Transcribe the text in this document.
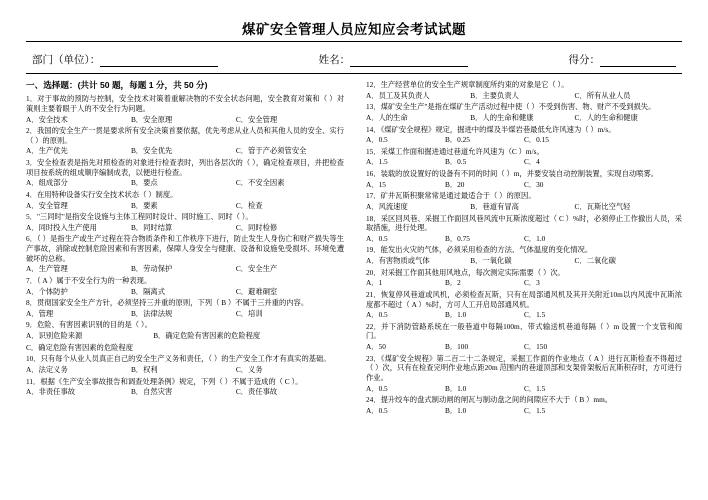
煤矿安全管理人员应知应会考试试题
部门（单位）：	姓名：	得分：
一、选择题：(共计 50 题，每题 1 分，共 50 分)
1．对于事故的预防与控制，安全技术对策着重解决物的不安全状态问题，安全教育对策和（ ）对策则主要着眼于人的不安全行为问题。
A．安全技术	B．安全原理	C．安全管理
2．我国的安全生产一贯是要求所有安全决策首要依据，优先考虑从业人员和其他人员的安全、实行（ ）的原则。
A．生产优先	B．安全优先	C．管于产必须管安全
3．安全检查表是指先对照检查的对象进行检查表时，列出各层次的（ ），确定检查项目，并把检查项目按系统的组成顺序编制成表，以便进行检查。
A．组成部分	B．要点	C．不安全因素
4．在用特种设备实行安全技术状态（ ）制度。
A．安全管理	B．要素	C．检查
5．"三同时"是指安全设施与主体工程同时设计、同时施工、同时（ ）。
A．同时投入生产使用	B．同时结算	C．同时检修
6．（ ）是指生产或生产过程在符合物质条件和工作秩序下进行，防止发生人身伤亡和财产损失等生产事故，消除或控制危险因素和有害因素，保障人身安全与健康、设备和设施免受损坏、环境免遭破坏的总称。
A．生产管理	B．劳动保护	C．安全生产
7．（ A ）属于不安全行为的一种表现。
A．个体防护	B．隔离式	C．避难硐室
8．贯彻国家安全生产方针，必须坚持三并重的原则，下列（ B ）不属于三并重的内容。
A．管理	B．法律法规	C．培训
9．危险、有害因素识别的目的是（ ）。
A．识别危险来源	B．确定危险有害因素的危险程度
C．确定危险有害因素的危险程度
10．只有每个从业人员真正自己的安全生产义务和责任，（ ）的生产安全工作才有真实的基础。
A．法定义务	B．权利	C．义务
11．根据《生产安全事故报告和调查处理条例》规定，下列（ ）不属于造成的（ C ）。
A．非责任事故	B．自然灾害	C．责任事故
12．生产经营单位的安全生产规章制度所约束的对象是它（ ）。
A．员工及其负责人	B．主要负责人	C．所有从业人员
13．煤矿安全生产"是指在煤矿生产活动过程中使（ ）不受到伤害、物、财产不受到损失。
A．人的生命	B．人的生命和健康	C．人的生命和健康
14．《煤矿安全规程》规定，掘进中的煤及半煤岩巷最低允许风速为（ ）m/s。
A．0.5	B．0.25	C．0.15
15．采煤工作面和掘进通过巷道允许风速为（C ）m/s。
A．1.5	B．0.5	C．4
16．装载的放设置好的设备有不同的时间（ ）m，并要安装自动控制装置，实现自动喷雾。
A．15	B．20	C．30
17．矿井瓦斯积聚常常是通过最适合于（ ）的原因。
A．风流速度	B．巷道有冒高	C．瓦斯比空气轻
18．采区回风巷、采掘工作面回风巷风流中瓦斯浓度超过（ C ）%时，必须停止工作撤出人员，采取措施，进行处理。
A．0.5	B．0.75	C．1.0
19．能发出火灾的气体，必须采用检查的方法、气体温度的变化情况。
A．有害物质或气体	B．一氧化碳	C．二氧化碳
20．对采掘工作面其他用风地点，每次测定实际需要（ ）次。
A．1	B．2	C．3
21．恢复停风巷道或风机，必须检查瓦斯，只有在局部通风机及其开关附近10m以内风流中瓦斯浓度都不超过（ A ）%时，方可人工开启局部通风机。
A．0.5	B．1.0	C．1.5
22．并下消防管路系统在一般巷道中每隔100m、带式输送机巷道每隔（ ）m 设置一个支管和阀门。
A．50	B．100	C．150
23．《煤矿安全规程》第二百二十二条规定，采掘工作面的作业地点（ A ）进行瓦斯检查不得超过（ ）次，只有在检查完明作业地点距20m 范围内的巷道顶部和支架骨架板后瓦斯积存时，方可进行作业。
A．0.5	B．1.0	C．1.5
24．提升绞车的盘式制动闸的闸瓦与制动盘之间的间隙应不大于（ B ）mm。
A．0.5	B．1.0	C．1.5
